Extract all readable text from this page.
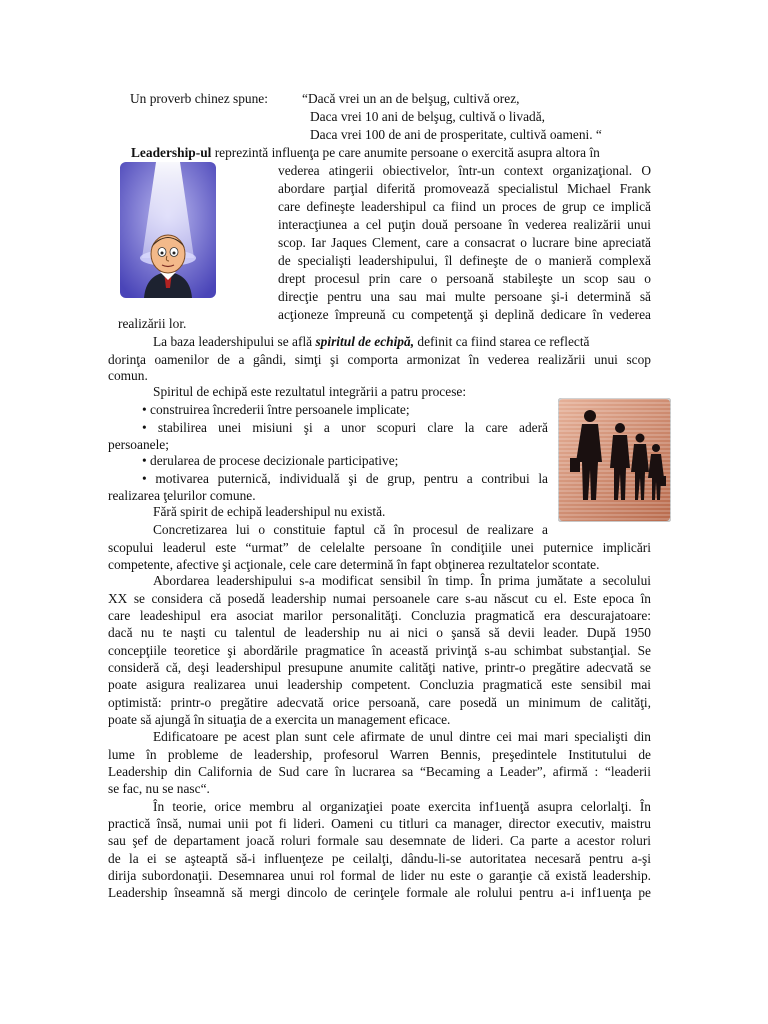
Un proverb chinez spune:	“Dacă vrei un an de belşug, cultivă orez,

Daca vrei 10 ani de belşug, cultivă o livadă,

Daca vrei 100 de ani de prosperitate, cultivă oameni. “

Leadership-ul reprezintă influenţa pe care anumite persoane o exercită asupra altora în

vederea atingerii obiectivelor, într-un context organizaţional. O

abordare parţial diferită promovează specialistul Michael Frank

care defineşte leadershipul ca fiind un proces de grup ce implică

interacţiunea a cel puţin două persoane în vederea realizării unui

scop. Iar Jaques Clement, care a consacrat o lucrare bine apreciată

de specialişti leadershipului, îl defineşte de o manieră complexă

drept procesul prin care o persoană stabileşte un scop sau o

direcţie pentru una sau mai multe persoane şi-i determină să

acţioneze împreună cu competenţă şi deplină dedicare în vederea

realizării lor.

La baza leadershipului se află spiritul de echipă, definit ca fiind starea ce reflectă

dorinţa oamenilor de a gândi, simţi şi comporta armonizat în vederea realizării unui scop

comun.

Spiritul de echipă este rezultatul integrării a patru procese:

• construirea încrederii între persoanele implicate;

• stabilirea unei misiuni şi a unor scopuri clare la care aderă

persoanele;

• derularea de procese decizionale participative;

• motivarea puternică, individuală şi de grup, pentru a contribui la

realizarea ţelurilor comune.

Fără spirit de echipă leadershipul nu există.

Concretizarea lui o constituie faptul că în procesul de realizare a

scopului leaderul este “urmat” de celelalte persoane în condiţiile unei puternice implicări

competente, afective şi acţionale, cele care determină în fapt obţinerea rezultatelor scontate.

Abordarea leadershipului s-a modificat sensibil în timp. În prima jumătate a secolului

XX se considera că posedă leadership numai persoanele care s-au născut cu el. Este epoca în

care leadeshipul era asociat marilor personalităţi. Concluzia pragmatică era descurajatoare:

dacă nu te naşti cu talentul de leadership nu ai nici o şansă să devii leader. După 1950

concepţiile teoretice şi abordările pragmatice în această privinţă s-au schimbat substanţial. Se

consideră că, deşi leadershipul presupune anumite calităţi native, printr-o pregătire adecvată se

poate asigura realizarea unui leadership competent. Concluzia pragmatică este sensibil mai

optimistă: printr-o pregătire adecvată orice persoană, care posedă un minimum de calităţi,

poate să ajungă în situaţia de a exercita un management eficace.

Edificatoare pe acest plan sunt cele afirmate de unul dintre cei mai mari specialişti din

lume în probleme de leadership, profesorul Warren Bennis, preşedintele Institutului de

Leadership din California de Sud care în lucrarea sa “Becaming a Leader”, afirmă : “leaderii

se fac, nu se nasc“.

În teorie, orice membru al organizaţiei poate exercita inf1uenţă asupra celorlalţi. În

practică însă, numai unii pot fi lideri. Oameni cu titluri ca manager, director executiv, maistru

sau şef de departament joacă roluri formale sau desemnate de lideri. Ca parte a acestor roluri

de la ei se aşteaptă să-i influenţeze pe ceilalţi, dându-li-se autoritatea necesară pentru a-şi

dirija subordonaţii. Desemnarea unui rol formal de lider nu este o garanţie că există leadership.

Leadership înseamnă să mergi dincolo de cerinţele formale ale rolului pentru a-i inf1uenţa pe
